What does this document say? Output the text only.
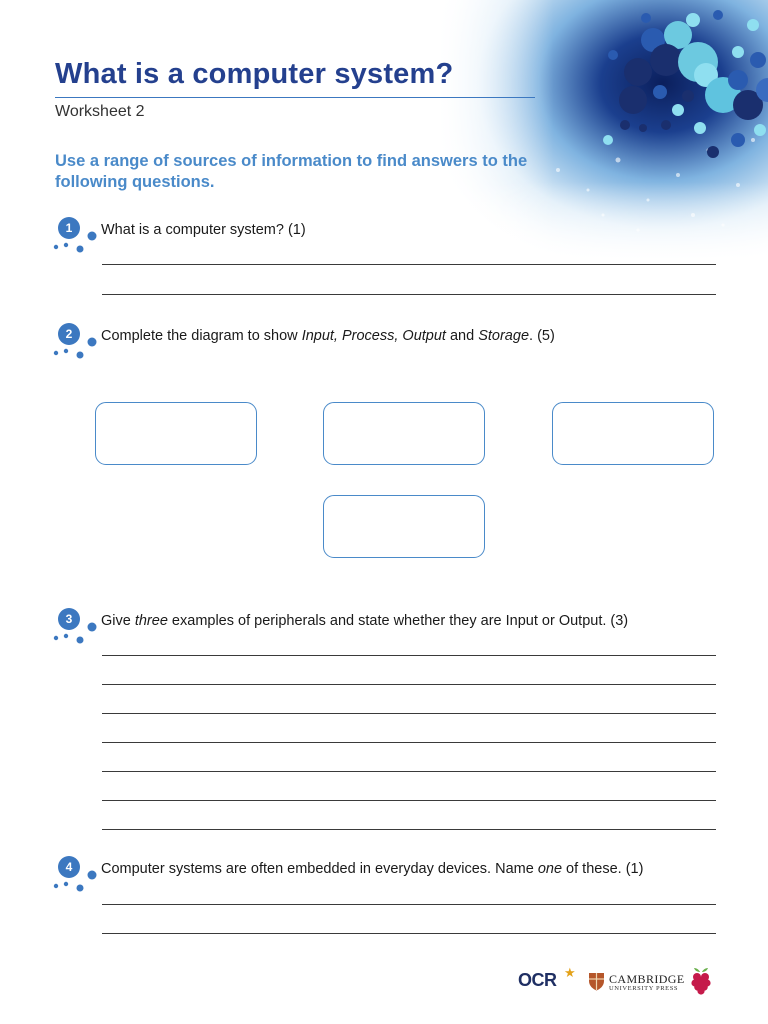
What is a computer system?
Worksheet 2
Use a range of sources of information to find answers to the following questions.
1	What is a computer system? (1)
2	Complete the diagram to show Input, Process, Output and Storage. (5)
3	Give three examples of peripherals and state whether they are Input or Output. (3)
4	Computer systems are often embedded in everyday devices. Name one of these. (1)
OCR ★	CAMBRIDGE
UNIVERSITY PRESS
